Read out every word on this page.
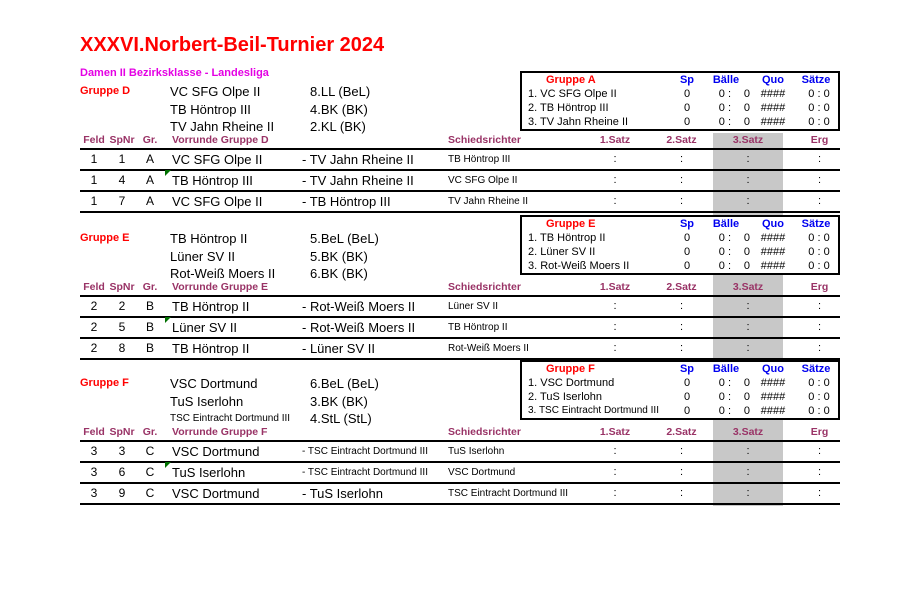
XXXVI.Norbert-Beil-Turnier 2024
Damen II Bezirksklasse - Landesliga
Gruppe D	VC SFG Olpe II	8.LL (BeL)
TB Höntrop III	4.BK (BK)
TV Jahn Rheine II	2.KL (BK)
Gruppe A	Sp	Bälle	Quo	Sätze
1. VC SFG Olpe II	0	0 :	0 ####	0 : 0
2. TB Höntrop III	0	0 :	0 ####	0 : 0
3. TV Jahn Rheine II	0	0 :	0 ####	0 : 0
Feld SpNr Gr.	Vorrunde Gruppe D	Schiedsrichter	1.Satz	2.Satz	3.Satz	Erg
1	1	A	VC SFG Olpe II	- TV Jahn Rheine II	TB Höntrop III	:	:	:	:
1	4	A	TB Höntrop III	- TV Jahn Rheine II	VC SFG Olpe II	:	:	:	:
1	7	A	VC SFG Olpe II	- TB Höntrop III	TV Jahn Rheine II	:	:	:	:
Gruppe E	TB Höntrop II	5.BeL (BeL)
Lüner SV II	5.BK (BK)
Rot-Weiß Moers II	6.BK (BK)
Gruppe E	Sp	Bälle	Quo	Sätze
1. TB Höntrop II	0	0 :	0 ####	0 : 0
2. Lüner SV II	0	0 :	0 ####	0 : 0
3. Rot-Weiß Moers II	0	0 :	0 ####	0 : 0
Feld SpNr Gr.	Vorrunde Gruppe E	Schiedsrichter	1.Satz	2.Satz	3.Satz	Erg
2	2	B	TB Höntrop II	- Rot-Weiß Moers II	Lüner SV II	:	:	:	:
2	5	B	Lüner SV II	- Rot-Weiß Moers II	TB Höntrop II	:	:	:	:
2	8	B	TB Höntrop II	- Lüner SV II	Rot-Weiß Moers II	:	:	:	:
Gruppe F	VSC Dortmund	6.BeL (BeL)
TuS Iserlohn	3.BK (BK)
TSC Eintracht Dortmund III 4.StL (StL)
Gruppe F	Sp	Bälle	Quo	Sätze
1. VSC Dortmund	0	0 :	0 ####	0 : 0
2. TuS Iserlohn	0	0 :	0 ####	0 : 0
3. TSC Eintracht Dortmund III	0	0 :	0 ####	0 : 0
Feld SpNr Gr.	Vorrunde Gruppe F	Schiedsrichter	1.Satz	2.Satz	3.Satz	Erg
3	3	C	VSC Dortmund	- TSC Eintracht Dortmund III	TuS Iserlohn	:	:	:	:
3	6	C	TuS Iserlohn	- TSC Eintracht Dortmund III	VSC Dortmund	:	:	:	:
3	9	C	VSC Dortmund	- TuS Iserlohn	TSC Eintracht Dortmund III	:	:	:	:
